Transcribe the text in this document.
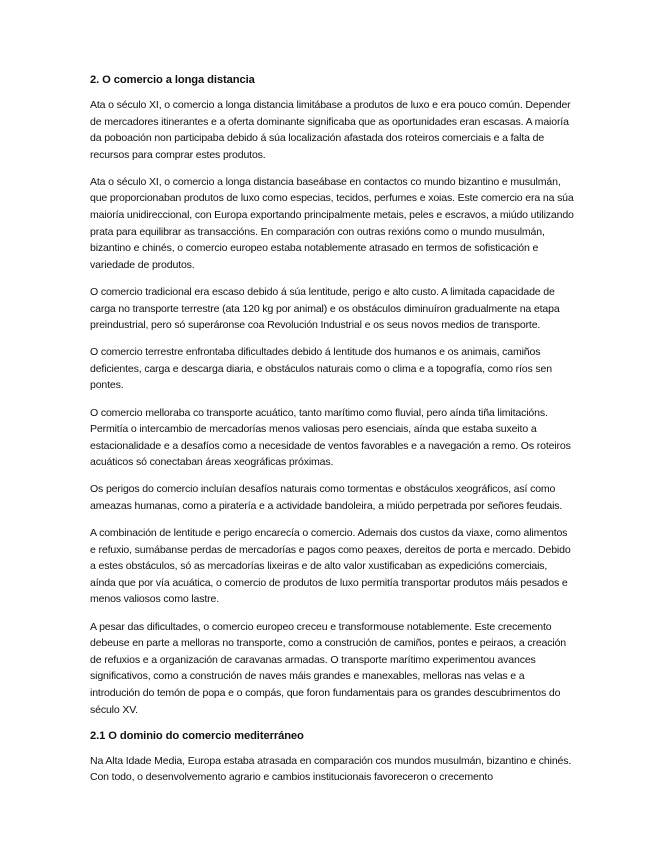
2. O comercio a longa distancia

Ata o século XI, o comercio a longa distancia limitábase a produtos de luxo e era pouco común. Depender de mercadores itinerantes e a oferta dominante significaba que as oportunidades eran escasas. A maioría da poboación non participaba debido á súa localización afastada dos roteiros comerciais e a falta de recursos para comprar estes produtos.

Ata o século XI, o comercio a longa distancia baseábase en contactos co mundo bizantino e musulmán, que proporcionaban produtos de luxo como especias, tecidos, perfumes e xoias. Este comercio era na súa maioría unidireccional, con Europa exportando principalmente metais, peles e escravos, a miúdo utilizando prata para equilibrar as transaccións. En comparación con outras rexións como o mundo musulmán, bizantino e chinés, o comercio europeo estaba notablemente atrasado en termos de sofisticación e variedade de produtos.

O comercio tradicional era escaso debido á súa lentitude, perigo e alto custo. A limitada capacidade de carga no transporte terrestre (ata 120 kg por animal) e os obstáculos diminuíron gradualmente na etapa preindustrial, pero só superáronse coa Revolución Industrial e os seus novos medios de transporte.

O comercio terrestre enfrontaba dificultades debido á lentitude dos humanos e os animais, camiños deficientes, carga e descarga diaria, e obstáculos naturais como o clima e a topografía, como ríos sen pontes.

O comercio melloraba co transporte acuático, tanto marítimo como fluvial, pero aínda tiña limitacións. Permitía o intercambio de mercadorías menos valiosas pero esenciais, aínda que estaba suxeito a estacionalidade e a desafíos como a necesidade de ventos favorables e a navegación a remo. Os roteiros acuáticos só conectaban áreas xeográficas próximas.

Os perigos do comercio incluían desafíos naturais como tormentas e obstáculos xeográficos, así como ameazas humanas, como a piratería e a actividade bandoleira, a miúdo perpetrada por señores feudais.

A combinación de lentitude e perigo encarecía o comercio. Ademais dos custos da viaxe, como alimentos e refuxio, sumábanse perdas de mercadorías e pagos como peaxes, dereitos de porta e mercado. Debido a estes obstáculos, só as mercadorías lixeiras e de alto valor xustificaban as expedicións comerciais, aínda que por vía acuática, o comercio de produtos de luxo permitía transportar produtos máis pesados e menos valiosos como lastre.

A pesar das dificultades, o comercio europeo creceu e transformouse notablemente. Este crecemento debeuse en parte a melloras no transporte, como a construción de camiños, pontes e peiraos, a creación de refuxios e a organización de caravanas armadas. O transporte marítimo experimentou avances significativos, como a construción de naves máis grandes e manexables, melloras nas velas e a introdución do temón de popa e o compás, que foron fundamentais para os grandes descubrimentos do século XV.

2.1 O dominio do comercio mediterráneo

Na Alta Idade Media, Europa estaba atrasada en comparación cos mundos musulmán, bizantino e chinés. Con todo, o desenvolvemento agrario e cambios institucionais favoreceron o crecemento
